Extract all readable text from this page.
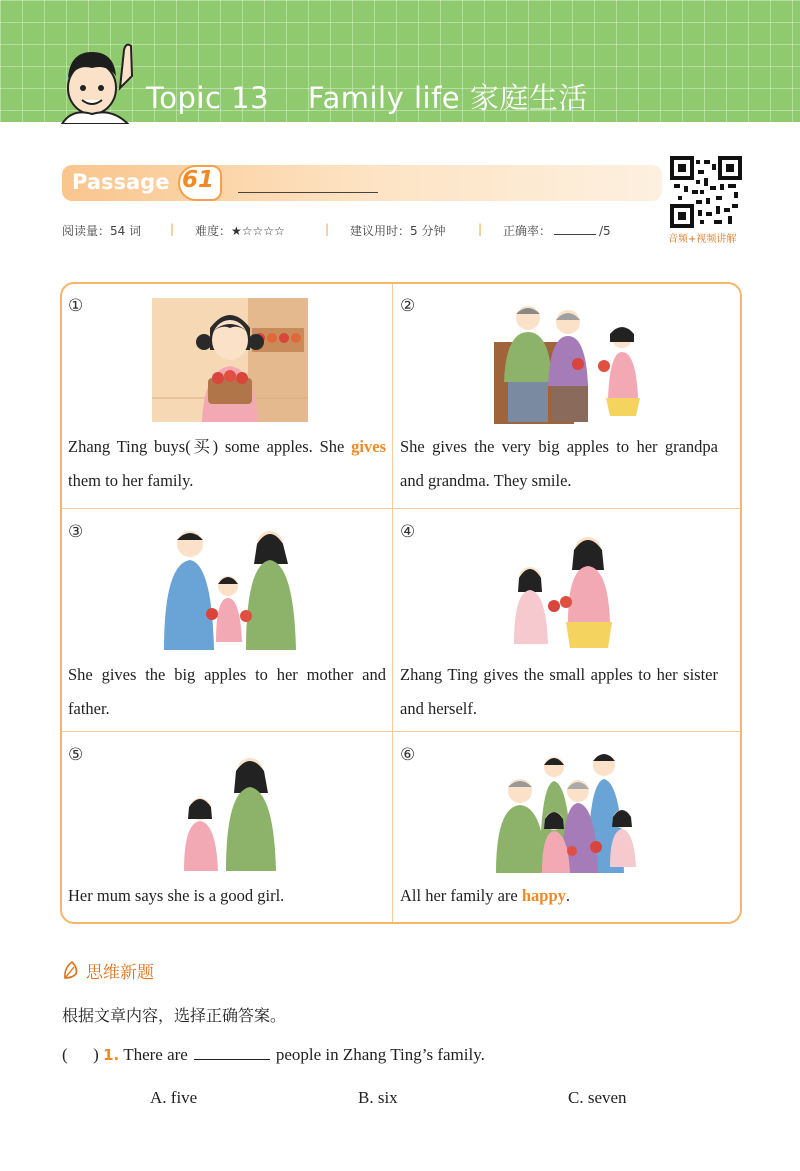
Topic 13    Family life 家庭生活
Passage 61
音频+视频讲解
阅读量：54 词 | 难度：★☆☆☆☆	| 建议用时：5 分钟	| 正确率：	/5
①
Zhang Ting buys(买) some apples. She gives them to her family.
②
She gives the very big apples to her grandpa and grandma. They smile.
③
She gives the big apples to her mother and father.
④
Zhang Ting gives the small apples to her sister and herself.
⑤
Her mum says she is a good girl.
⑥
All her family are happy.
思维新题
根据文章内容，选择正确答案。
( ) 1. There are	people in Zhang Ting’s family.
A. five	B. six	C. seven
